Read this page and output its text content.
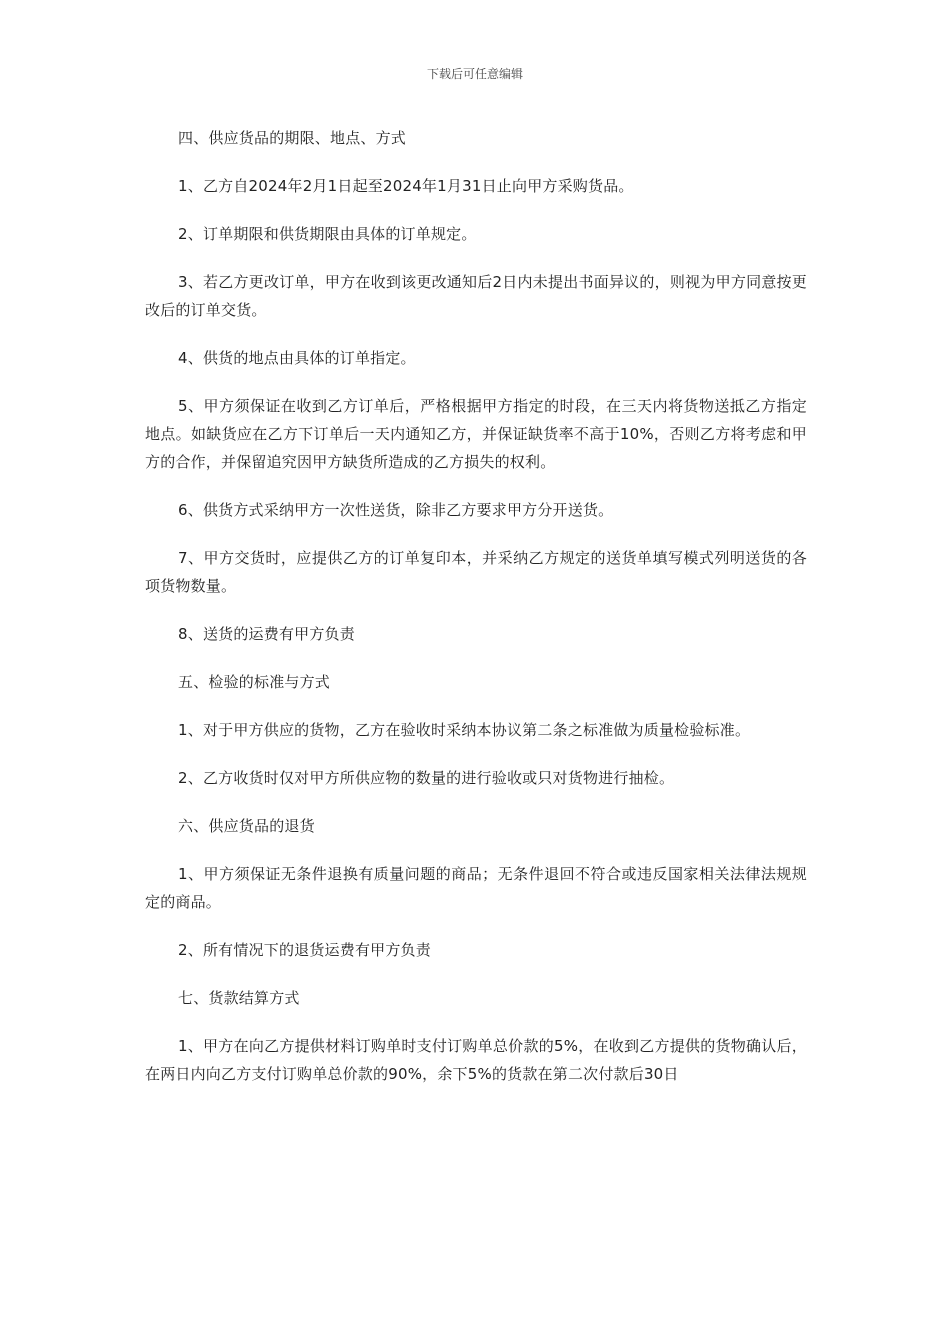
下载后可任意编辑

四、供应货品的期限、地点、方式

1、乙方自2024年2月1日起至2024年1月31日止向甲方采购货品。

2、订单期限和供货期限由具体的订单规定。

3、若乙方更改订单，甲方在收到该更改通知后2日内未提出书面异议的，则视为甲方同意按更改后的订单交货。

4、供货的地点由具体的订单指定。

5、甲方须保证在收到乙方订单后，严格根据甲方指定的时段，在三天内将货物送抵乙方指定地点。如缺货应在乙方下订单后一天内通知乙方，并保证缺货率不高于10%，否则乙方将考虑和甲方的合作，并保留追究因甲方缺货所造成的乙方损失的权利。

6、供货方式采纳甲方一次性送货，除非乙方要求甲方分开送货。

7、甲方交货时，应提供乙方的订单复印本，并采纳乙方规定的送货单填写模式列明送货的各项货物数量。

8、送货的运费有甲方负责

五、检验的标准与方式

1、对于甲方供应的货物，乙方在验收时采纳本协议第二条之标准做为质量检验标准。

2、乙方收货时仅对甲方所供应物的数量的进行验收或只对货物进行抽检。

六、供应货品的退货

1、甲方须保证无条件退换有质量问题的商品；无条件退回不符合或违反国家相关法律法规规定的商品。

2、所有情况下的退货运费有甲方负责

七、货款结算方式

1、甲方在向乙方提供材料订购单时支付订购单总价款的5%，在收到乙方提供的货物确认后，在两日内向乙方支付订购单总价款的90%，余下5%的货款在第二次付款后30日
